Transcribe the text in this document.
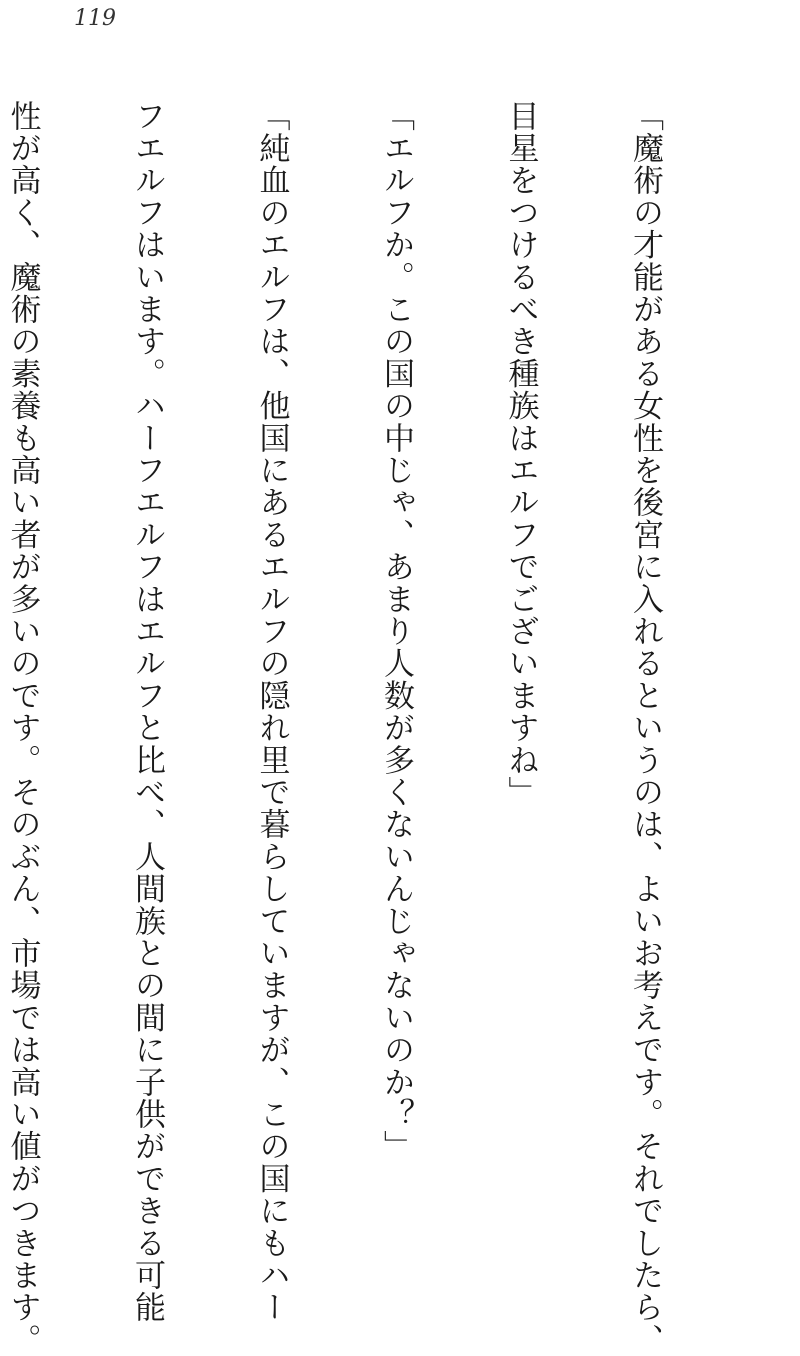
119

「魔術の才能がある女性を後宮に入れるというのは、よいお考えです。それでしたら、

目星をつけるべき種族はエルフでございますね」

「エルフか。この国の中じゃ、あまり人数が多くないんじゃないのか？」

「純血のエルフは、他国にあるエルフの隠れ里で暮らしていますが、この国にもハー

フエルフはいます。ハーフエルフはエルフと比べ、人間族との間に子供ができる可能

性が高く、魔術の素養も高い者が多いのです。そのぶん、市場では高い値がつきます。
